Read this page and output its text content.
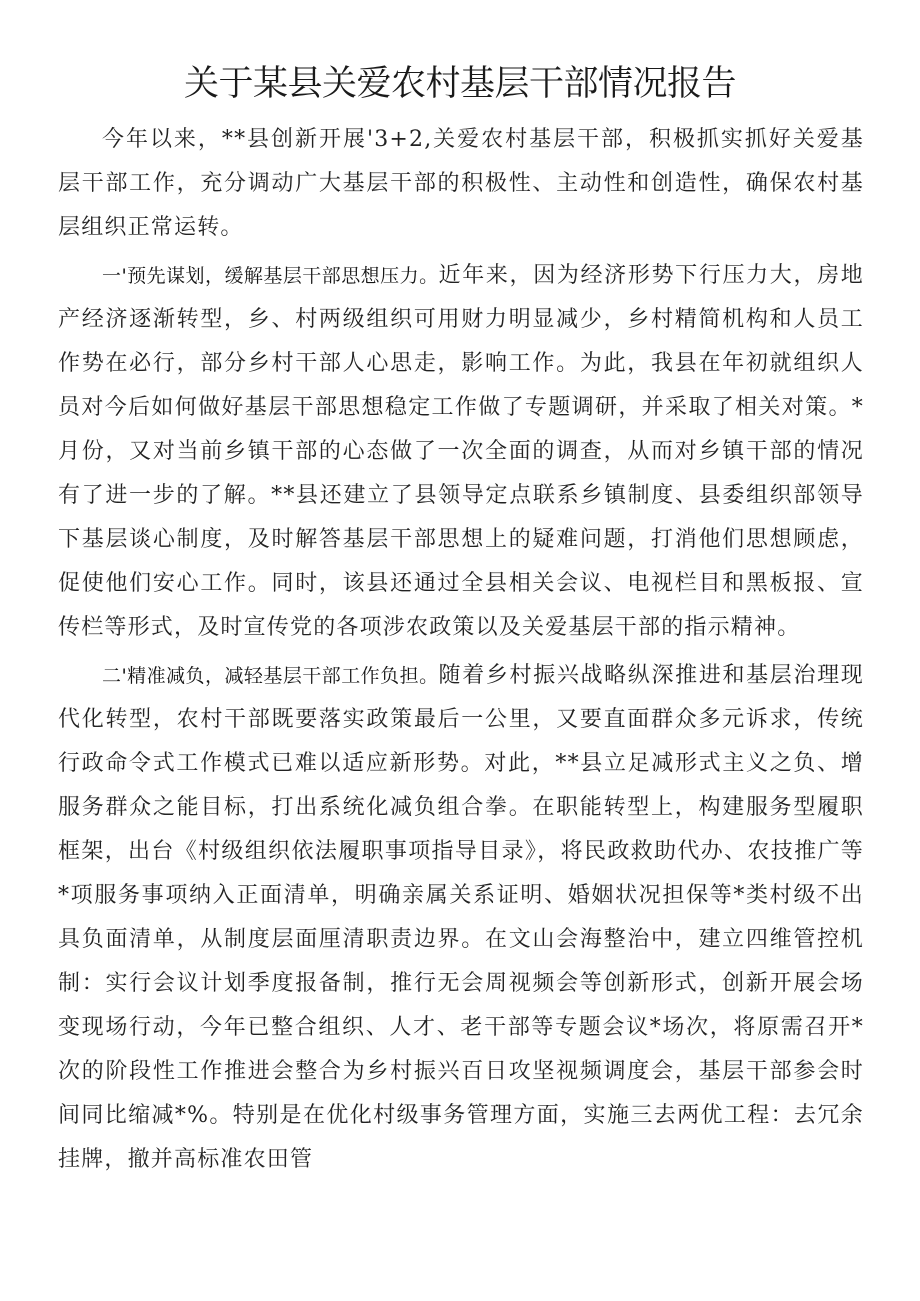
关于某县关爱农村基层干部情况报告

今年以来，**县创新开展'3+2,关爱农村基层干部，积极抓实抓好关爱基层干部工作，充分调动广大基层干部的积极性、主动性和创造性，确保农村基层组织正常运转。

一'预先谋划，缓解基层干部思想压力。近年来，因为经济形势下行压力大，房地产经济逐渐转型，乡、村两级组织可用财力明显减少，乡村精简机构和人员工作势在必行，部分乡村干部人心思走，影响工作。为此，我县在年初就组织人员对今后如何做好基层干部思想稳定工作做了专题调研，并采取了相关对策。*月份，又对当前乡镇干部的心态做了一次全面的调查，从而对乡镇干部的情况有了进一步的了解。**县还建立了县领导定点联系乡镇制度、县委组织部领导下基层谈心制度，及时解答基层干部思想上的疑难问题，打消他们思想顾虑，促使他们安心工作。同时，该县还通过全县相关会议、电视栏目和黑板报、宣传栏等形式，及时宣传党的各项涉农政策以及关爱基层干部的指示精神。

二'精准减负，减轻基层干部工作负担。随着乡村振兴战略纵深推进和基层治理现代化转型，农村干部既要落实政策最后一公里，又要直面群众多元诉求，传统行政命令式工作模式已难以适应新形势。对此，**县立足减形式主义之负、增服务群众之能目标，打出系统化减负组合拳。在职能转型上，构建服务型履职框架，出台《村级组织依法履职事项指导目录》，将民政救助代办、农技推广等*项服务事项纳入正面清单，明确亲属关系证明、婚姻状况担保等*类村级不出具负面清单，从制度层面厘清职责边界。在文山会海整治中，建立四维管控机制：实行会议计划季度报备制，推行无会周视频会等创新形式，创新开展会场变现场行动，今年已整合组织、人才、老干部等专题会议*场次，将原需召开*次的阶段性工作推进会整合为乡村振兴百日攻坚视频调度会，基层干部参会时间同比缩减*%。特别是在优化村级事务管理方面，实施三去两优工程：去冗余挂牌，撤并高标准农田管
